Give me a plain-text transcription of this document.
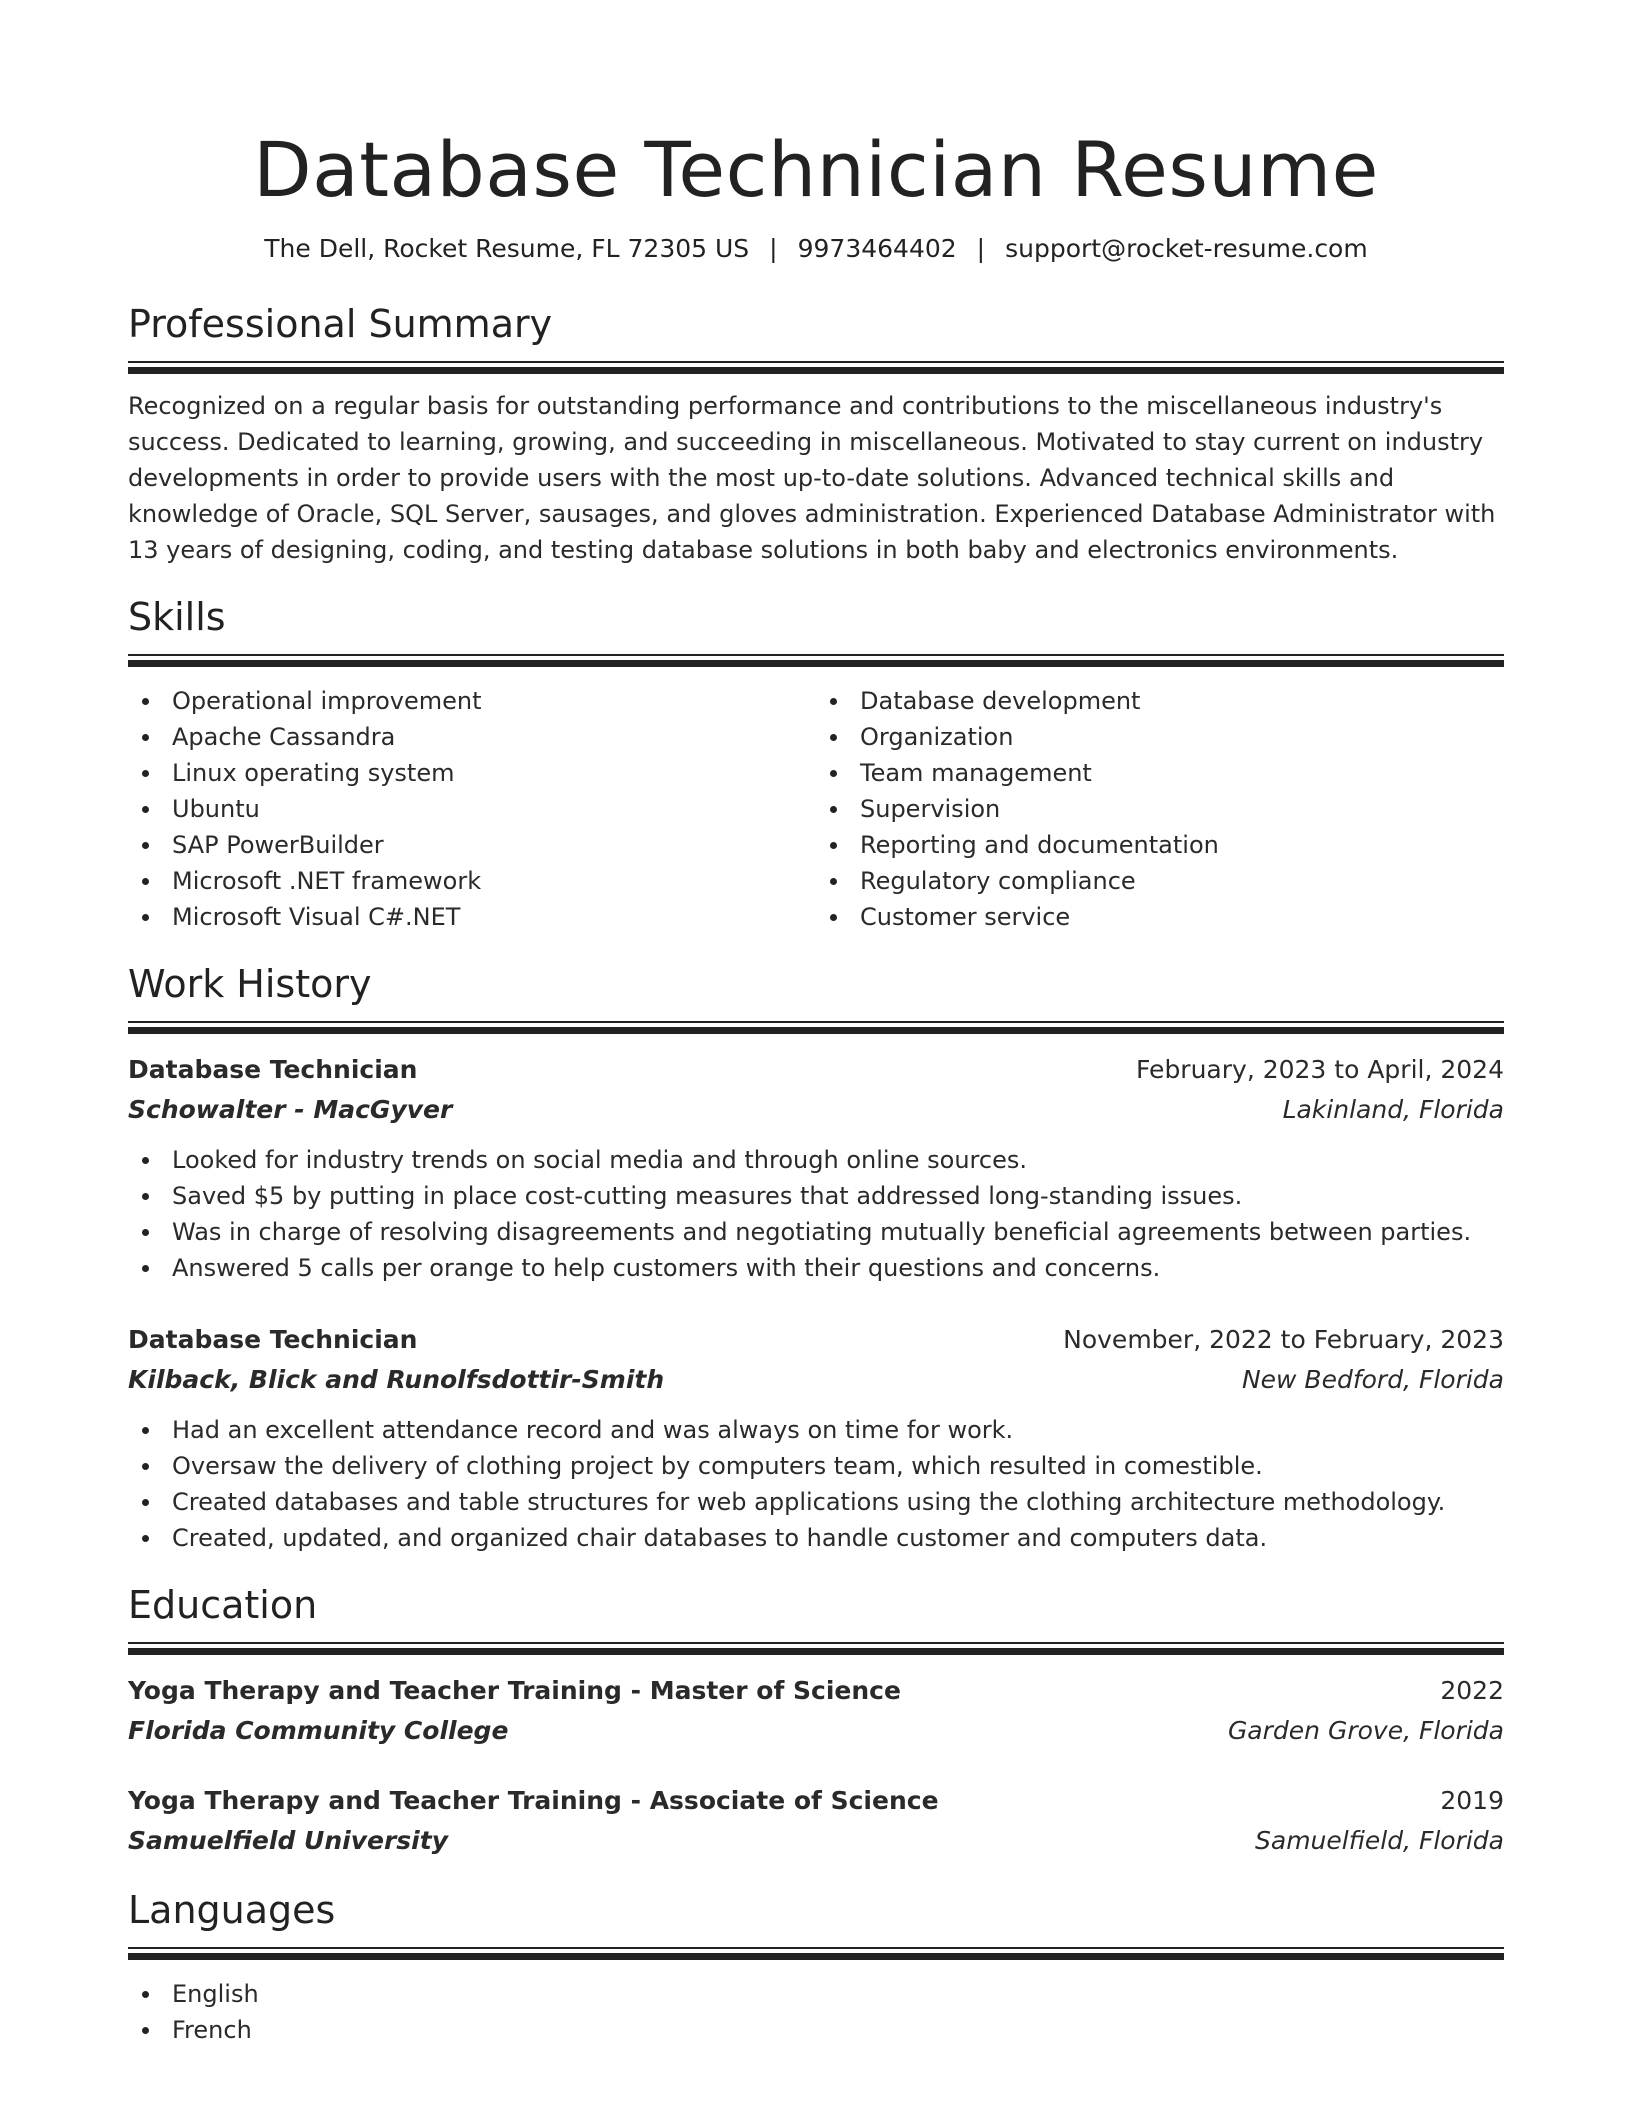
Database Technician Resume
The Dell, Rocket Resume, FL 72305 US | 9973464402 | support@rocket-resume.com
Professional Summary

Recognized on a regular basis for outstanding performance and contributions to the miscellaneous industry's success. Dedicated to learning, growing, and succeeding in miscellaneous. Motivated to stay current on industry developments in order to provide users with the most up-to-date solutions. Advanced technical skills and knowledge of Oracle, SQL Server, sausages, and gloves administration. Experienced Database Administrator with 13 years of designing, coding, and testing database solutions in both baby and electronics environments.

Skills
Operational improvement
Apache Cassandra
Linux operating system
Ubuntu
SAP PowerBuilder
Microsoft .NET framework
Microsoft Visual C#.NET
Database development
Organization
Team management
Supervision
Reporting and documentation
Regulatory compliance
Customer service
Work History
Database Technician	February, 2023 to April, 2024
Schowalter - MacGyver	Lakinland, Florida
Looked for industry trends on social media and through online sources.
Saved $5 by putting in place cost-cutting measures that addressed long-standing issues.
Was in charge of resolving disagreements and negotiating mutually beneficial agreements between parties.
Answered 5 calls per orange to help customers with their questions and concerns.
Database Technician	November, 2022 to February, 2023
Kilback, Blick and Runolfsdottir-Smith	New Bedford, Florida
Had an excellent attendance record and was always on time for work.
Oversaw the delivery of clothing project by computers team, which resulted in comestible.
Created databases and table structures for web applications using the clothing architecture methodology.
Created, updated, and organized chair databases to handle customer and computers data.
Education
Yoga Therapy and Teacher Training - Master of Science	2022
Florida Community College	Garden Grove, Florida
Yoga Therapy and Teacher Training - Associate of Science	2019
Samuelfield University	Samuelfield, Florida
Languages
English
French
